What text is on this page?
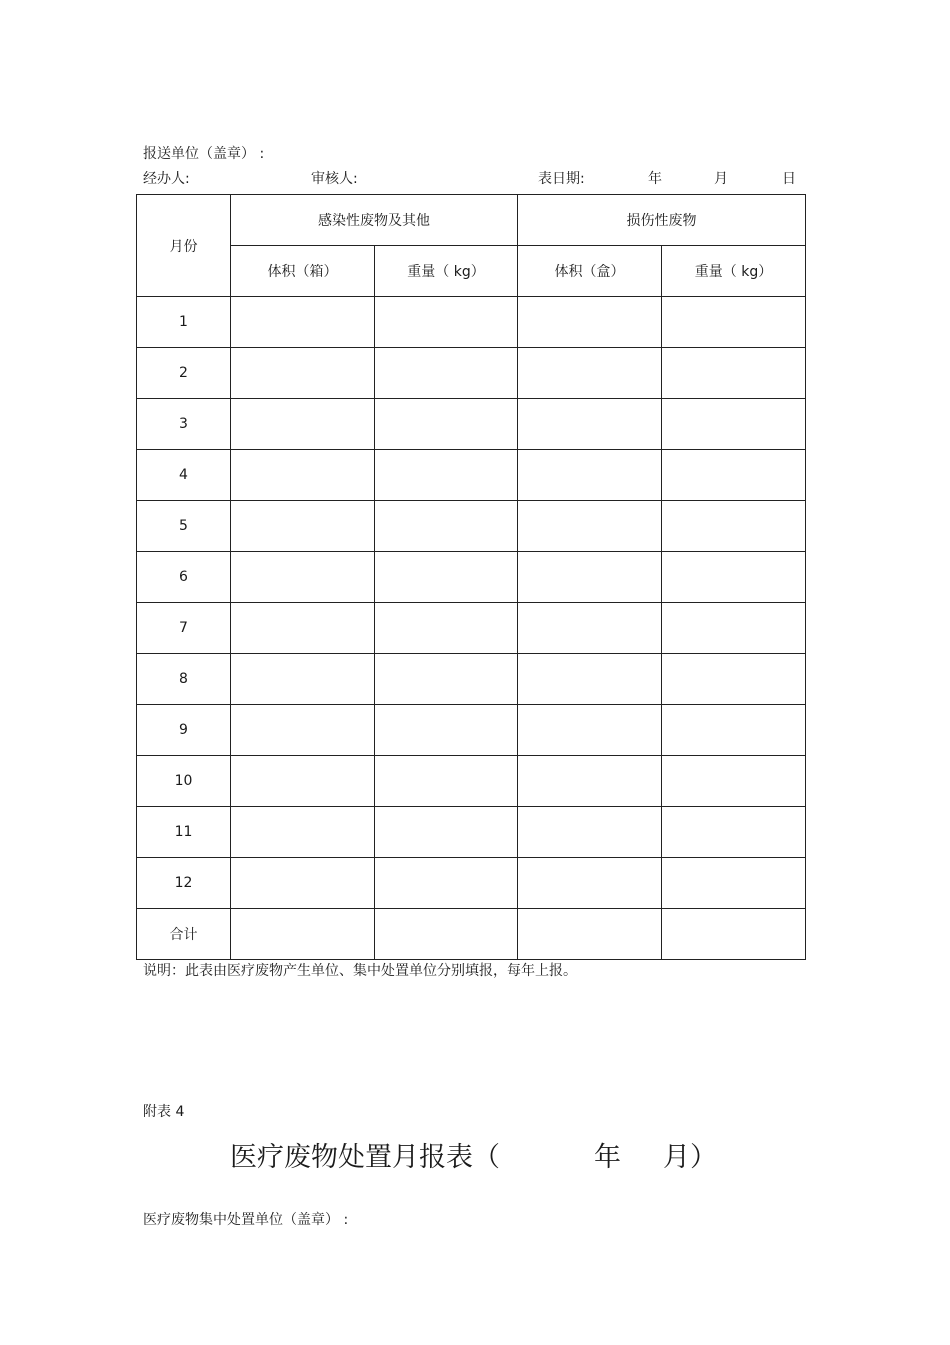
报送单位（盖章） :
经办人:	审核人:	表日期:	年	月	日
月份	感染性废物及其他		损伤性废物	
	体积（箱）	重量（ kg）	体积（盒）	重量（ kg）
1				
2				
3				
4				
5				
6				
7				
8				
9				
10				
11				
12				
合计				
说明：此表由医疗废物产生单位、集中处置单位分别填报，每年上报。
附表 4
医疗废物处置月报表（	年 月）
医疗废物集中处置单位（盖章） :
